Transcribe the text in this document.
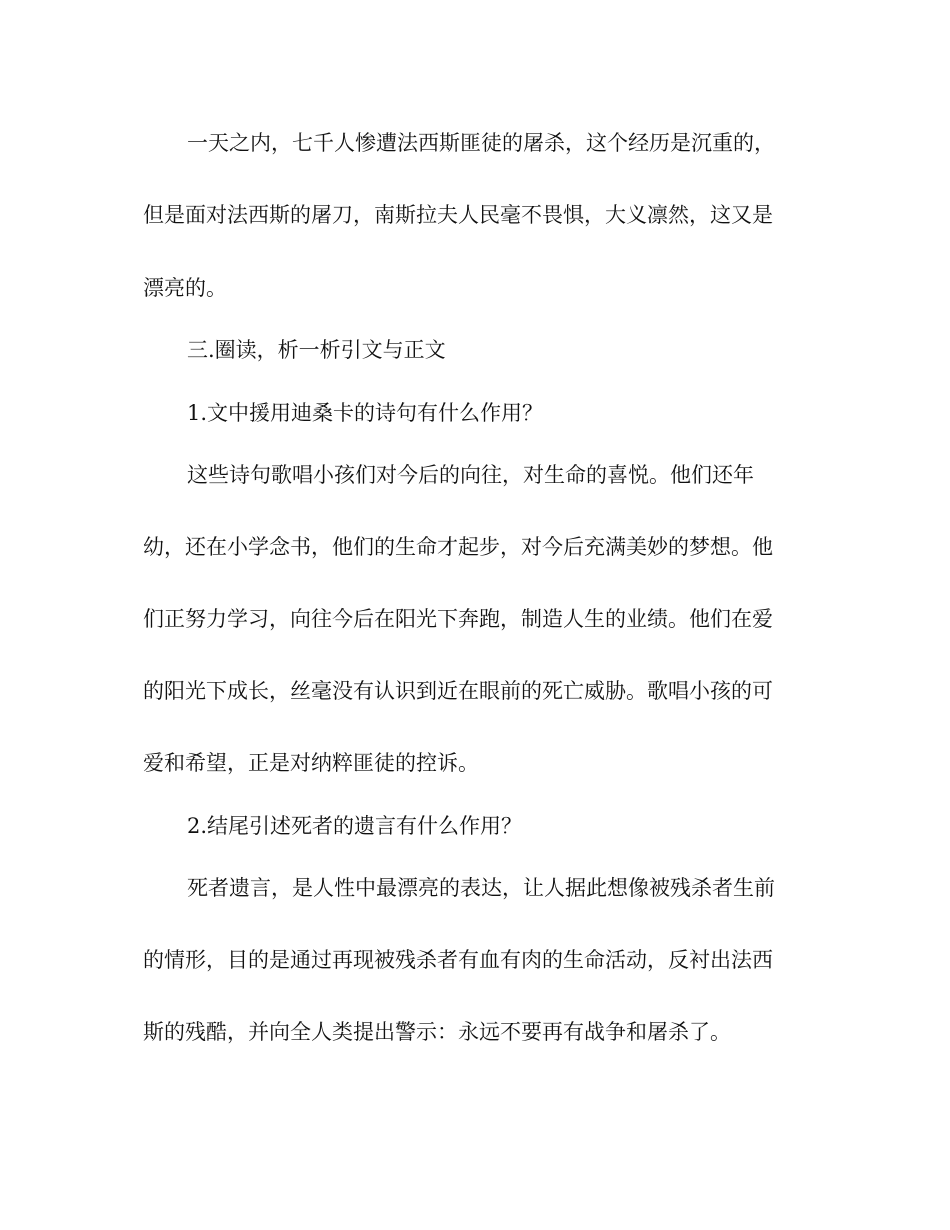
一天之内，七千人惨遭法西斯匪徒的屠杀，这个经历是沉重的，

但是面对法西斯的屠刀，南斯拉夫人民毫不畏惧，大义凛然，这又是

漂亮的。

三.圈读，析一析引文与正文

1.文中援用迪桑卡的诗句有什么作用？

这些诗句歌唱小孩们对今后的向往，对生命的喜悦。他们还年

幼，还在小学念书，他们的生命才起步，对今后充满美妙的梦想。他

们正努力学习，向往今后在阳光下奔跑，制造人生的业绩。他们在爱

的阳光下成长，丝毫没有认识到近在眼前的死亡威胁。歌唱小孩的可

爱和希望，正是对纳粹匪徒的控诉。

2.结尾引述死者的遗言有什么作用？

死者遗言，是人性中最漂亮的表达，让人据此想像被残杀者生前

的情形，目的是通过再现被残杀者有血有肉的生命活动，反衬出法西

斯的残酷，并向全人类提出警示：永远不要再有战争和屠杀了。
